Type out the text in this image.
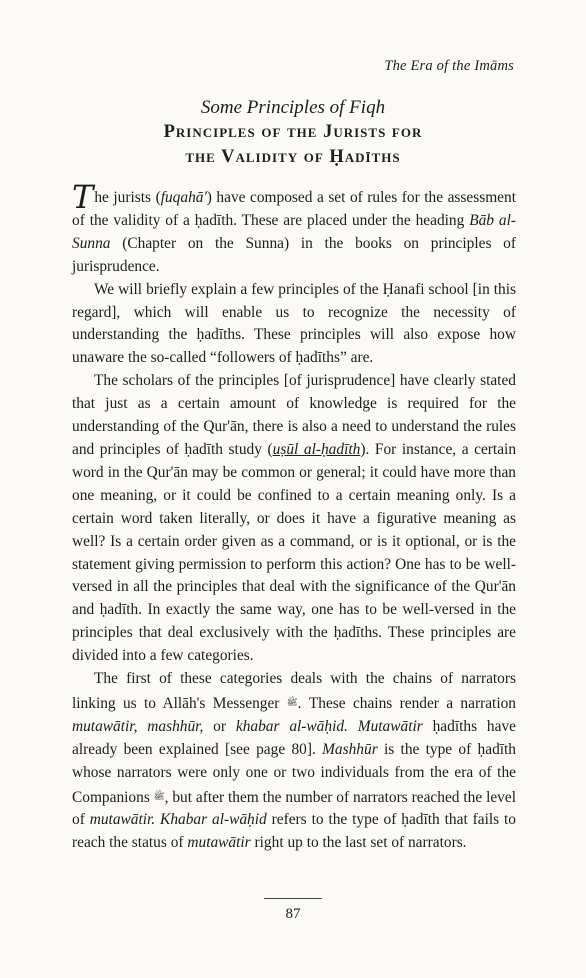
The Era of the Imāms

Some Principles of Fiqh

Principles of the Jurists for

the Validity of Ḥadīths

The jurists (fuqahā') have composed a set of rules for the assessment of the validity of a ḥadīth. These are placed under the heading Bāb al-Sunna (Chapter on the Sunna) in the books on principles of jurisprudence.

We will briefly explain a few principles of the Ḥanafi school [in this regard], which will enable us to recognize the necessity of understanding the ḥadīths. These principles will also expose how unaware the so-called “followers of ḥadīths” are.

The scholars of the principles [of jurisprudence] have clearly stated that just as a certain amount of knowledge is required for the understanding of the Qur'ān, there is also a need to understand the rules and principles of ḥadīth study (uṣūl al-ḥadīth). For instance, a certain word in the Qur'ān may be common or general; it could have more than one meaning, or it could be confined to a certain meaning only. Is a certain word taken literally, or does it have a figurative meaning as well? Is a certain order given as a command, or is it optional, or is the statement giving permission to perform this action? One has to be well-versed in all the principles that deal with the significance of the Qur'ān and ḥadīth. In exactly the same way, one has to be well-versed in the principles that deal exclusively with the ḥadīths. These principles are divided into a few categories.

The first of these categories deals with the chains of narrators linking us to Allāh's Messenger ﷺ. These chains render a narration mutawātir, mashhūr, or khabar al-wāḥid. Mutawātir ḥadīths have already been explained [see page 80]. Mashhūr is the type of ḥadīth whose narrators were only one or two individuals from the era of the Companions ﷺ, but after them the number of narrators reached the level of mutawātir. Khabar al-wāḥid refers to the type of ḥadīth that fails to reach the status of mutawātir right up to the last set of narrators.

87
